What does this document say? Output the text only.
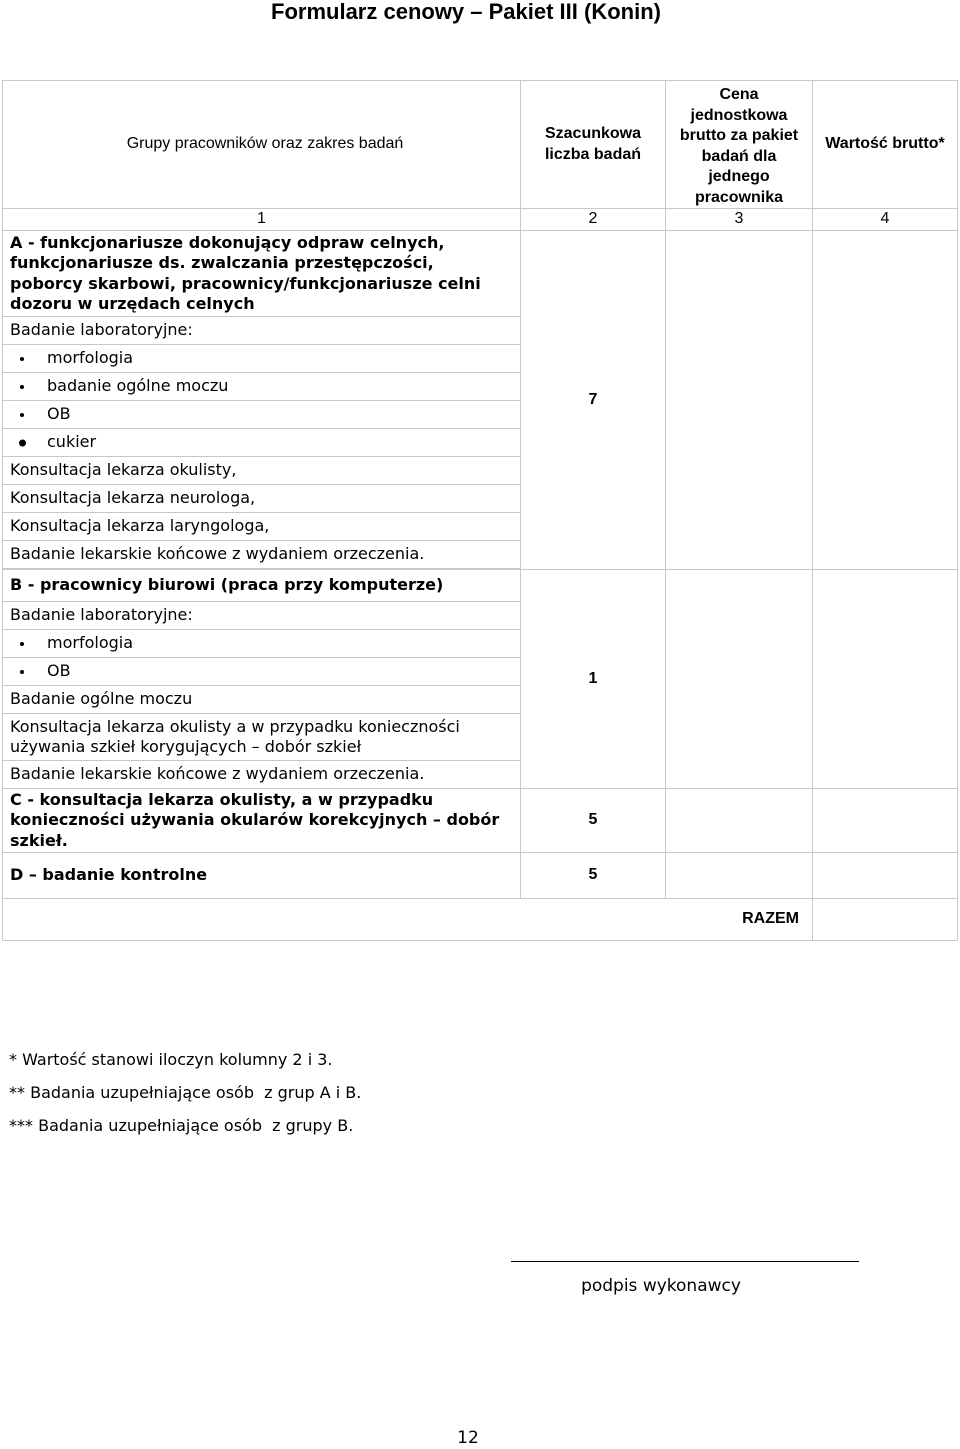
Formularz cenowy – Pakiet III (Konin)
Grupy pracowników oraz zakres badań	Szacunkowa liczba badań	Cena jednostkowa brutto za pakiet badań dla jednego pracownika	Wartość brutto*
1	2	3	4
A - funkcjonariusze dokonujący odpraw celnych, funkcjonariusze ds. zwalczania przestępczości, poborcy skarbowi, pracownicy/funkcjonariusze celni dozoru w urzędach celnych	7		
Badanie laboratoryjne:			

morfologia			

badanie ogólne moczu			

OB			

cukier			
Konsultacja lekarza okulisty,			
Konsultacja lekarza neurologa,			
Konsultacja lekarza laryngologa,			
Badanie lekarskie końcowe z wydaniem orzeczenia.			

B - pracownicy biurowi (praca przy komputerze)	1		
Badanie laboratoryjne:			

morfologia			

OB			
Badanie ogólne moczu			
Konsultacja lekarza okulisty a w przypadku konieczności używania szkieł korygujących – dobór szkieł			
Badanie lekarskie końcowe z wydaniem orzeczenia.			
C - konsultacja lekarza okulisty, a w przypadku konieczności używania okularów korekcyjnych – dobór szkieł.	5		
D – badanie kontrolne	5		
RAZEM			
* Wartość stanowi iloczyn kolumny 2 i 3.
** Badania uzupełniające osób  z grup A i B.
*** Badania uzupełniające osób  z grupy B.
podpis wykonawcy
12
